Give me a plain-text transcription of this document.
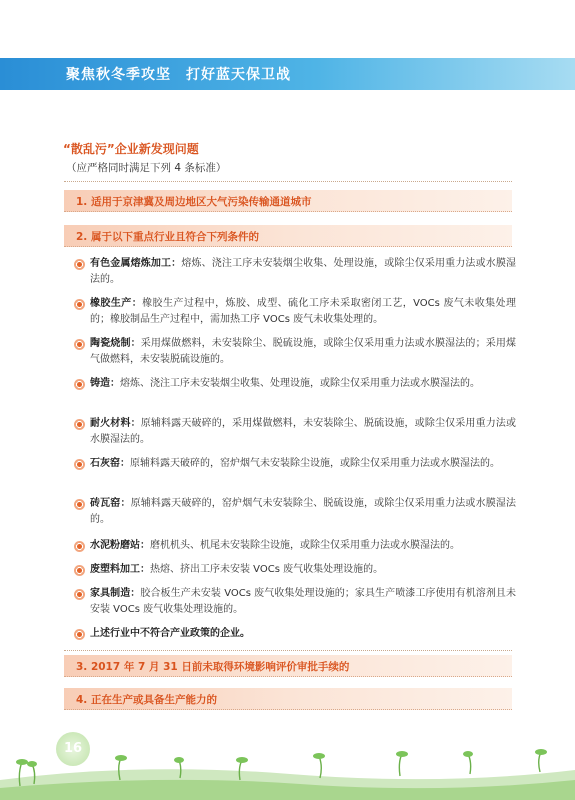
聚焦秋冬季攻坚　打好蓝天保卫战
“散乱污”企业新发现问题
（应严格同时满足下列 4 条标准）
1. 适用于京津冀及周边地区大气污染传输通道城市
2. 属于以下重点行业且符合下列条件的
有色金属熔炼加工：熔炼、浇注工序未安装烟尘收集、处理设施，或除尘仅采用重力法或水膜湿法的。
橡胶生产：橡胶生产过程中，炼胶、成型、硫化工序未采取密闭工艺，VOCs 废气未收集处理的；橡胶制品生产过程中，需加热工序 VOCs 废气未收集处理的。
陶瓷烧制：采用煤做燃料，未安装除尘、脱硫设施，或除尘仅采用重力法或水膜湿法的；采用煤气做燃料，未安装脱硫设施的。
铸造：熔炼、浇注工序未安装烟尘收集、处理设施，或除尘仅采用重力法或水膜湿法的。
耐火材料：原辅料露天破碎的，采用煤做燃料，未安装除尘、脱硫设施，或除尘仅采用重力法或水膜湿法的。
石灰窑：原辅料露天破碎的，窑炉烟气未安装除尘设施，或除尘仅采用重力法或水膜湿法的。
砖瓦窑：原辅料露天破碎的，窑炉烟气未安装除尘、脱硫设施，或除尘仅采用重力法或水膜湿法的。
水泥粉磨站：磨机机头、机尾未安装除尘设施，或除尘仅采用重力法或水膜湿法的。
废塑料加工：热熔、挤出工序未安装 VOCs 废气收集处理设施的。
家具制造：胶合板生产未安装 VOCs 废气收集处理设施的；家具生产喷漆工序使用有机溶剂且未安装 VOCs 废气收集处理设施的。
上述行业中不符合产业政策的企业。
3. 2017 年 7 月 31 日前未取得环境影响评价审批手续的
4. 正在生产或具备生产能力的
16
